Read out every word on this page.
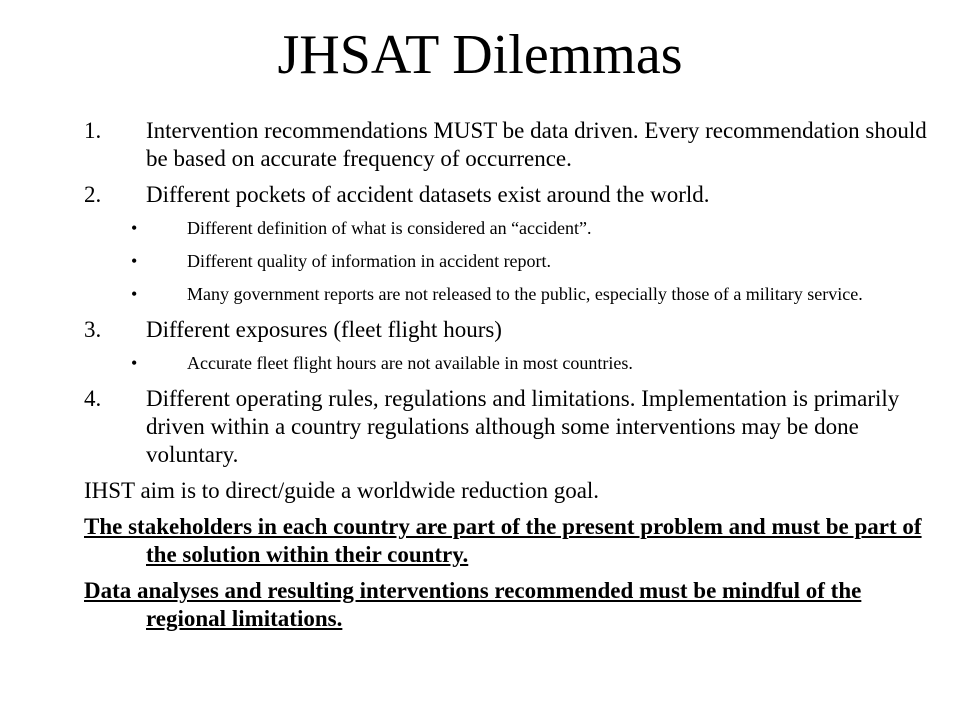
JHSAT Dilemmas
1. Intervention recommendations MUST be data driven. Every recommendation should be based on accurate frequency of occurrence.
2. Different pockets of accident datasets exist around the world.
•	Different definition of what is considered an “accident”.
•	Different quality of information in accident report.
•	Many government reports are not released to the public, especially those of a military service.
3. Different exposures (fleet flight hours)
•	Accurate fleet flight hours are not available in most countries.
4. Different operating rules, regulations and limitations. Implementation is primarily driven within a country regulations although some interventions may be done voluntary.
IHST aim is to direct/guide a worldwide reduction goal.
The stakeholders in each country are part of the present problem and must be part of the solution within their country.
Data analyses and resulting interventions recommended must be mindful of the regional limitations.
